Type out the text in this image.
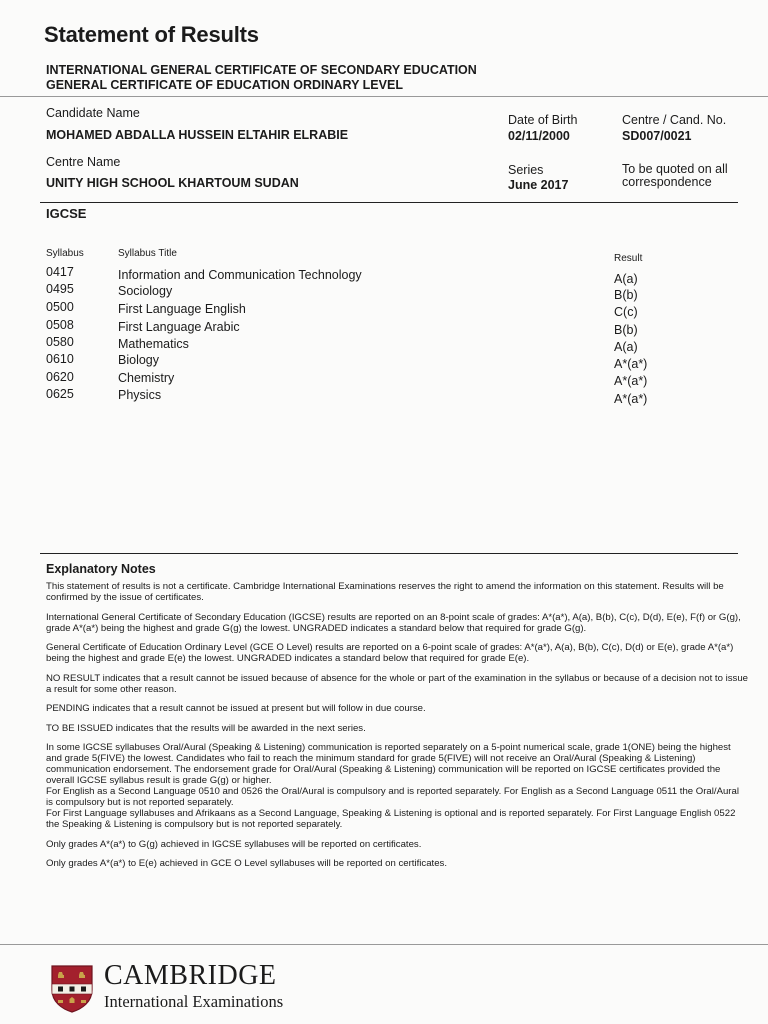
Statement of Results
INTERNATIONAL GENERAL CERTIFICATE OF SECONDARY EDUCATION
GENERAL CERTIFICATE OF EDUCATION ORDINARY LEVEL
Candidate Name
MOHAMED ABDALLA HUSSEIN ELTAHIR ELRABIE
Date of Birth
02/11/2000
Centre / Cand. No.
SD007/0021
Centre Name
UNITY HIGH SCHOOL KHARTOUM SUDAN
Series
June 2017
To be quoted on all
correspondence
IGCSE
Syllabus	Syllabus Title	Result
0417	Information and Communication Technology	A(a)
0495	Sociology	B(b)
0500	First Language English	C(c)
0508	First Language Arabic	B(b)
0580	Mathematics	A(a)
0610	Biology	A*(a*)
0620	Chemistry	A*(a*)
0625	Physics	A*(a*)
Explanatory Notes

This statement of results is not a certificate. Cambridge International Examinations reserves the right to amend the information on this statement. Results will be confirmed by the issue of certificates.

International General Certificate of Secondary Education (IGCSE) results are reported on an 8-point scale of grades: A*(a*), A(a), B(b), C(c), D(d), E(e), F(f) or G(g), grade A*(a*) being the highest and grade G(g) the lowest. UNGRADED indicates a standard below that required for grade G(g).

General Certificate of Education Ordinary Level (GCE O Level) results are reported on a 6-point scale of grades: A*(a*), A(a), B(b), C(c), D(d) or E(e), grade A*(a*) being the highest and grade E(e) the lowest. UNGRADED indicates a standard below that required for grade E(e).

NO RESULT indicates that a result cannot be issued because of absence for the whole or part of the examination in the syllabus or because of a decision not to issue a result for some other reason.

PENDING indicates that a result cannot be issued at present but will follow in due course.

TO BE ISSUED indicates that the results will be awarded in the next series.

In some IGCSE syllabuses Oral/Aural (Speaking & Listening) communication is reported separately on a 5-point numerical scale, grade 1(ONE) being the highest and grade 5(FIVE) the lowest. Candidates who fail to reach the minimum standard for grade 5(FIVE) will not receive an Oral/Aural (Speaking & Listening) communication endorsement. The endorsement grade for Oral/Aural (Speaking & Listening) communication will be reported on IGCSE certificates provided the overall IGCSE syllabus result is grade G(g) or higher.

For English as a Second Language 0510 and 0526 the Oral/Aural is compulsory and is reported separately. For English as a Second Language 0511 the Oral/Aural is compulsory but is not reported separately.

For First Language syllabuses and Afrikaans as a Second Language, Speaking & Listening is optional and is reported separately. For First Language English 0522 the Speaking & Listening is compulsory but is not reported separately.

Only grades A*(a*) to G(g) achieved in IGCSE syllabuses will be reported on certificates.

Only grades A*(a*) to E(e) achieved in GCE O Level syllabuses will be reported on certificates.

CAMBRIDGE
International Examinations
